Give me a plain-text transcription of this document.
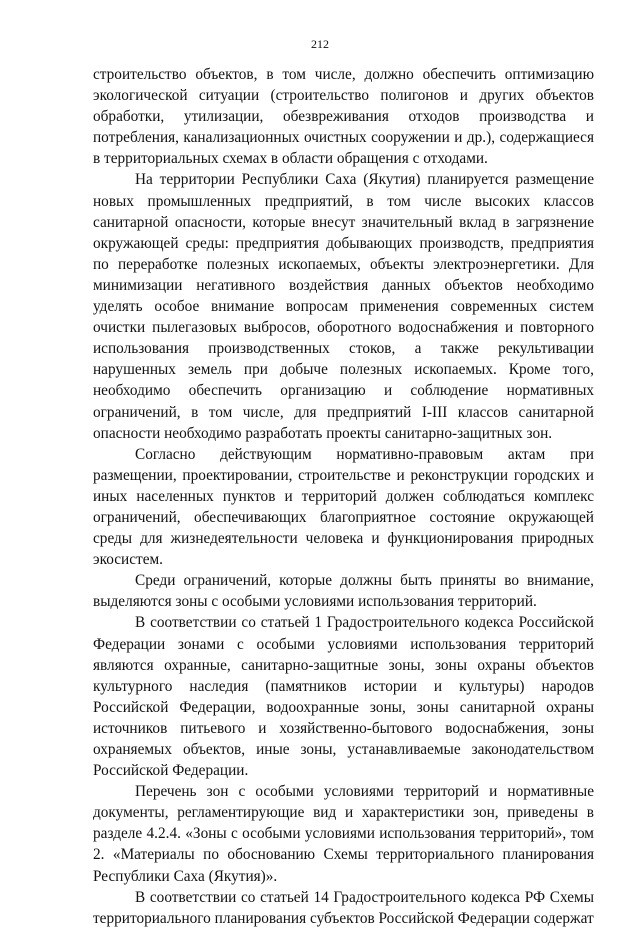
212

строительство объектов, в том числе, должно обеспечить оптимизацию экологической ситуации (строительство полигонов и других объектов обработки, утилизации, обезвреживания отходов производства и потребления, канализационных очистных сооружении и др.), содержащиеся в территориальных схемах в области обращения с отходами.

На территории Республики Саха (Якутия) планируется размещение новых промышленных предприятий, в том числе высоких классов санитарной опасности, которые внесут значительный вклад в загрязнение окружающей среды: предприятия добывающих производств, предприятия по переработке полезных ископаемых, объекты электроэнергетики. Для минимизации негативного воздействия данных объектов необходимо уделять особое внимание вопросам применения современных систем очистки пылегазовых выбросов, оборотного водоснабжения и повторного использования производственных стоков, а также рекультивации нарушенных земель при добыче полезных ископаемых. Кроме того, необходимо обеспечить организацию и соблюдение нормативных ограничений, в том числе, для предприятий I-III классов санитарной опасности необходимо разработать проекты санитарно-защитных зон.

Согласно действующим нормативно-правовым актам при размещении, проектировании, строительстве и реконструкции городских и иных населенных пунктов и территорий должен соблюдаться комплекс ограничений, обеспечивающих благоприятное состояние окружающей среды для жизнедеятельности человека и функционирования природных экосистем.

Среди ограничений, которые должны быть приняты во внимание, выделяются зоны с особыми условиями использования территорий.

В соответствии со статьей 1 Градостроительного кодекса Российской Федерации зонами с особыми условиями использования территорий являются охранные, санитарно-защитные зоны, зоны охраны объектов культурного наследия (памятников истории и культуры) народов Российской Федерации, водоохранные зоны, зоны санитарной охраны источников питьевого и хозяйственно-бытового водоснабжения, зоны охраняемых объектов, иные зоны, устанавливаемые законодательством Российской Федерации.

Перечень зон с особыми условиями территорий и нормативные документы, регламентирующие вид и характеристики зон, приведены в разделе 4.2.4. «Зоны с особыми условиями использования территорий», том 2. «Материалы по обоснованию Схемы территориального планирования Республики Саха (Якутия)».

В соответствии со статьей 14 Градостроительного кодекса РФ Схемы территориального планирования субъектов Российской Федерации содержат
